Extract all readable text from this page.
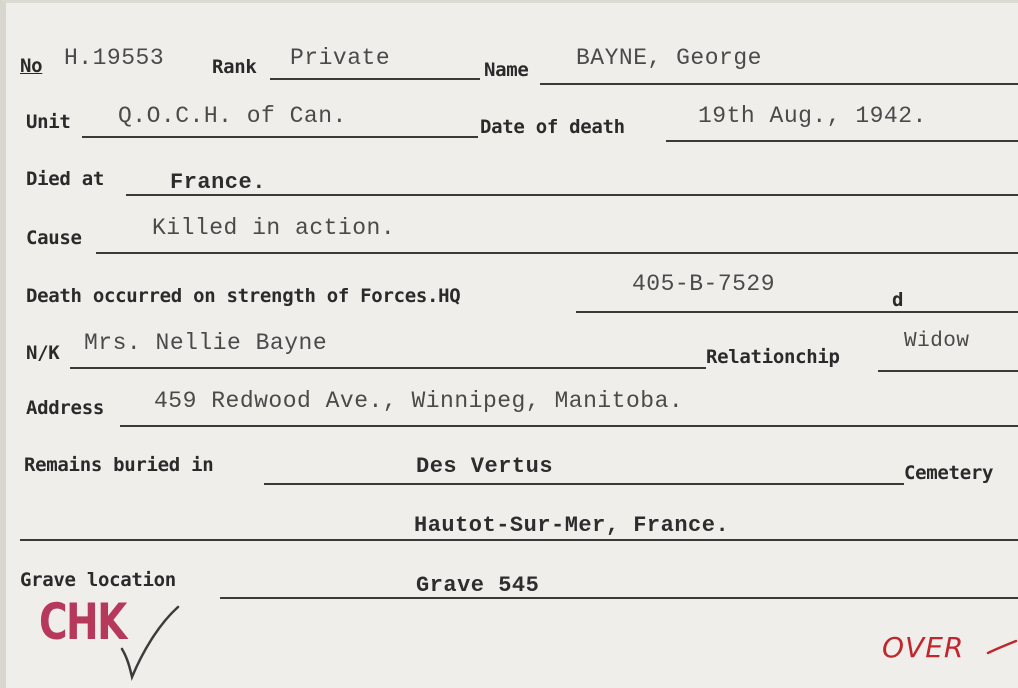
No H.19553	Rank Private	Name BAYNE, George
Unit Q.O.C.H. of Can.	Date of death	19th Aug., 1942.
Died at	France.
Cause	Killed in action.
Death occurred on strength of Forces.HQ	405-B-7529
d
N/K Mrs. Nellie Bayne
Relationchip
Widow
Address 459 Redwood Ave., Winnipeg, Manitoba.
Remains buried in	Des Vertus	Cemetery
Hautot-Sur-Mer, France.
Grave location	Grave 545
CHK	OVER
